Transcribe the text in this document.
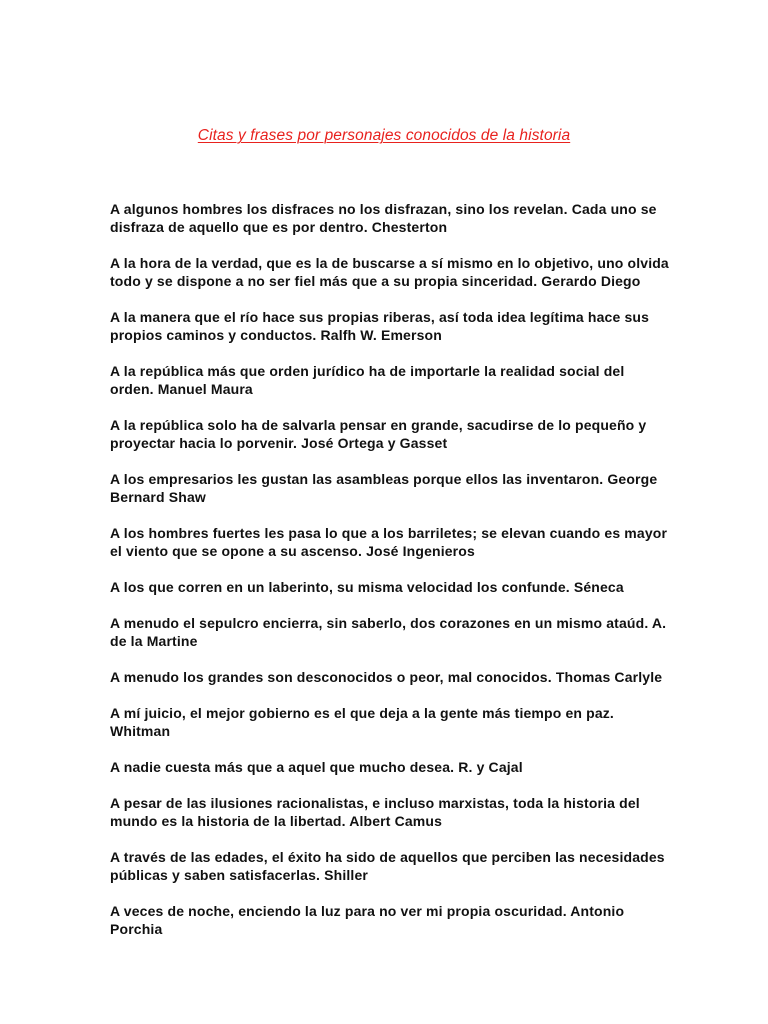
Citas y frases por personajes conocidos de la historia
A algunos hombres los disfraces no los disfrazan, sino los revelan. Cada uno se disfraza de aquello que es por dentro. Chesterton
A la hora de la verdad, que es la de buscarse a sí mismo en lo objetivo, uno olvida todo y se dispone a no ser fiel más que a su propia sinceridad. Gerardo Diego
A la manera que el río hace sus propias riberas, así toda idea legítima hace sus propios caminos y conductos. Ralfh W. Emerson
A la república más que orden jurídico ha de importarle la realidad social del orden. Manuel Maura
A la república solo ha de salvarla pensar en grande, sacudirse de lo pequeño y proyectar hacia lo porvenir. José Ortega y Gasset
A los empresarios les gustan las asambleas porque ellos las inventaron. George Bernard Shaw
A los hombres fuertes les pasa lo que a los barriletes; se elevan cuando es mayor el viento que se opone a su ascenso. José Ingenieros
A los que corren en un laberinto, su misma velocidad los confunde. Séneca
A menudo el sepulcro encierra, sin saberlo, dos corazones en un mismo ataúd. A. de la Martine
A menudo los grandes son desconocidos o peor, mal conocidos. Thomas Carlyle
A mí juicio, el mejor gobierno es el que deja a la gente más tiempo en paz. Whitman
A nadie cuesta más que a aquel que mucho desea. R. y Cajal
A pesar de las ilusiones racionalistas, e incluso marxistas, toda la historia del mundo es la historia de la libertad. Albert Camus
A través de las edades, el éxito ha sido de aquellos que perciben las necesidades públicas y saben satisfacerlas. Shiller
A veces de noche, enciendo la luz para no ver mi propia oscuridad. Antonio Porchia
